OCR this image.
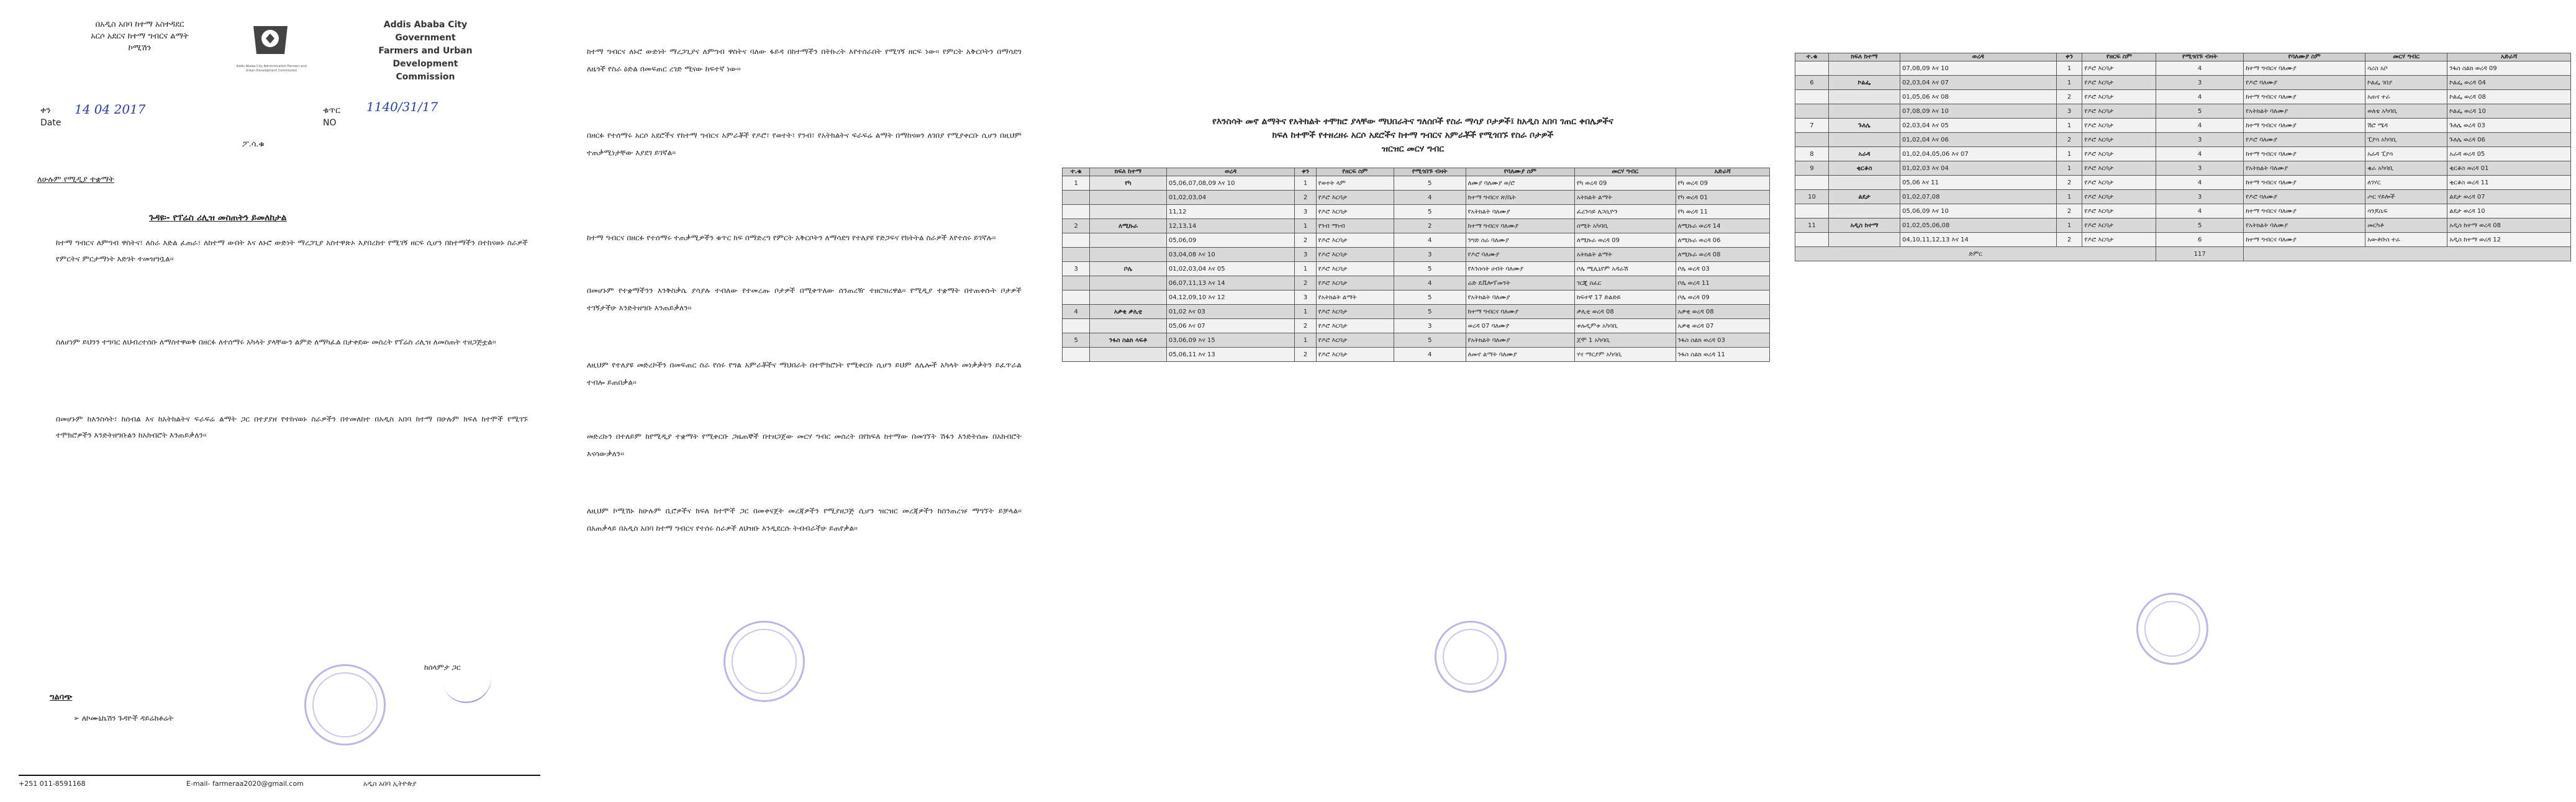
በአዲስ አበባ ከተማ አስተዳደር
አርሶ አደርና ከተማ ግብርና ልማት
ኮሚሽን
Addis Ababa City Administration Farmers and Urban Development Commission
Addis Ababa City Government
Farmers and Urban Development
Commission
ቀን
Date
14 04 2017	ቁጥር
NO
1140/31/17
ፖ.ሳ.ቁ
ለሁሉም የሚዲያ ተቋማት
ጉዳዩ፡- የፕሬስ ሪሊዝ መስጠትን ይመለከታል
ከተማ ግብርና ለምግብ ዋስትና፣ ለስራ እድል ፈጠራ፣ ለከተማ ውበት እና ለኑሮ ውድነት ማረጋጊያ አስተዋጽኦ እያበረከተ የሚገኝ ዘርፍ ሲሆን በከተማችን በተከናወኑ ስራዎች የምርትና ምርታማነት እድገት ተመዝግቧል፡፡
ስለሆነም ይህንን ተግባር ለህብረተሰቡ ለማስተዋወቅ በዘርፉ ለተሰማሩ አካላት ያላቸውን ልምድ ለማካፈል በታቀደው መሰረት የፕሬስ ሪሊዝ ለመስጠት ተዘጋጅቷል፡፡
በመሆኑም ከእንስሳት፣ ከሰብል እና ከአትክልትና ፍራፍሬ ልማት ጋር በተያያዘ የተከናወኑ ስራዎችን በተመለከተ በአዲስ አበባ ከተማ በሁሉም ክፍለ ከተሞች የሚገኙ ተሞክሮዎችን እንድትዘግቡልን ከአክብሮት እንጠይቃለን፡፡
ከሰላምታ ጋር
ግልባጭ
➢ ለኮሙኒኬሽን ጉዳዮች ዳይሬክቶሬት
+251 011-8591168	E-mail- farmeraa2020@gmail.com	አዲስ አበባ ኢትዮጵያ
ከተማ ግብርና ለኑሮ ውድነት ማረጋጊያና ለምግብ ዋስትና ባለው ፋይዳ በከተማችን በትኩረት እየተሰራበት የሚገኝ ዘርፍ ነው፡፡ የምርት አቅርቦትን በማሳደግ ለዜጎች የስራ ዕድል በመፍጠር ረገድ ሚናው ከፍተኛ ነው፡፡
በዘርፉ የተሰማሩ አርሶ አደሮችና የከተማ ግብርና አምራቾች የዶሮ፣ የወተት፣ የንብ፣ የአትክልትና ፍራፍሬ ልማት በማከናወን ለገበያ የሚያቀርቡ ሲሆን በዚህም ተጠቃሚነታቸው እያደገ ይገኛል፡፡
ከተማ ግብርና በዘርፉ የተሰማሩ ተጠቃሚዎችን ቁጥር ከፍ በማድረግ የምርት አቅርቦትን ለማሳደግ የተለያዩ የድጋፍና የክትትል ስራዎች እየተሰሩ ይገኛሉ፡፡
በመሆኑም የተቋማችንን እንቅስቃሴ ያሳያሉ ተብለው የተመረጡ ቦታዎች በሚቀጥለው ሰንጠረዥ ተዘርዝረዋል፡፡ የሚዲያ ተቋማት በተጠቀሱት ቦታዎች ተገኝታችሁ እንድትዘግቡ እንጠይቃለን፡፡
ለዚህም የተለያዩ መድረኮችን በመፍጠር ስራ የሰሩ የግል አምራቾችና ማህበራት በተሞክሮነት የሚቀርቡ ሲሆን ይህም ለሌሎች አካላት መነቃቃትን ይፈጥራል ተብሎ ይጠበቃል፡፡
መድረኩን በተለይም ከየሚዲያ ተቋማት የሚቀርቡ ጋዜጠኞች በተዘጋጀው መርሃ ግብር መሰረት በየክፍለ ከተማው በመገኘት ሽፋን እንድትሰጡ በአክብሮት እናሳውቃለን፡፡
ለዚህም ኮሚሽኑ ከሁሉም ቢሮዎችና ክፍለ ከተሞች ጋር በመቀናጀት መረጃዎችን የሚያዘጋጅ ሲሆን ዝርዝር መረጃዎችን ከሰንጠረዡ ማግኘት ይቻላል፡፡ በአጠቃላይ በአዲስ አበባ ከተማ ግብርና የተሰሩ ስራዎች ለህዝቡ እንዲደርሱ ትብብራችሁ ይጠየቃል፡፡
የእንስሳት መኖ ልማትና የአትክልት ተሞክሮ ያላቸው ማህበራትና ግለሰቦች የስራ ማሳያ ቦታዎች፤ ከአዲስ አበባ ገጠር ቀበሌዎችና
ክፍለ ከተሞች የተዘረዘሩ አርሶ አደሮችና ከተማ ግብርና አምራቾች የሚጎበኙ የስራ ቦታዎች
ዝርዝር መርሃ ግብር
ተ.ቁ	ክፍለ ከተማ	ወረዳ	ቀን	የዘርፍ ስም	የሚጎበኙ ብዛት	የባለሙያ ስም	መርሃ ግብር	አድራሻ
1	የካ	05,06,07,08,09 እና 10	1	የወተት ላም	5	ለሙያ ባለሙያ ወ/ሮ	የካ ወረዳ 09	የካ ወረዳ 09
		01,02,03,04	2	የዶሮ እርባታ	4	ከተማ ግብርና ጽ/ቤት	አትክልት ልማት	የካ ወረዳ 01
		11,12	3	የዶሮ እርባታ	5	የአትክልት ባለሙያ	ፈረንሳይ ለጋሲዮን	የካ ወረዳ 11
2	ለሚኩራ	12,13,14	1	የንብ ማነብ	2	ከተማ ግብርና ባለሙያ	ሰሚት አካባቢ	ለሚኩራ ወረዳ 14
		05,06,09	2	የዶሮ እርባታ	4	ንግድ ስራ ባለሙያ	ለሚኩራ ወረዳ 09	ለሚኩራ ወረዳ 06
		03,04,08 እና 10	3	የዶሮ እርባታ	3	የዶሮ ባለሙያ	አትክልት ልማት	ለሚኩራ ወረዳ 08
3	ቦሌ	01,02,03,04 እና 05	1	የዶሮ እርባታ	5	የእንስሳት ሀብት ባለሙያ	ቦሌ ሚሊኒየም አዳራሽ	ቦሌ ወረዳ 03
		06,07,11,13 እና 14	2	የዶሮ እርባታ	4	ሬድ ዴቬሎፕመንት	ገርጂ ሰፈር	ቦሌ ወረዳ 11
		04,12,09,10 እና 12	3	የአትክልት ልማት	5	የአትክልት ባለሙያ	ከፍተኛ 17 ድልድይ	ቦሌ ወረዳ 09
4	አቃቂ ቃሊቲ	01,02 እና 03	1	የዶሮ እርባታ	5	ከተማ ግብርና ባለሙያ	ቃሊቲ ወረዳ 08	አቃቂ ወረዳ 08
		05,06 እና 07	2	የዶሮ እርባታ	3	ወረዳ 07 ባለሙያ	ቱሉዲምቱ አካባቢ	አቃቂ ወረዳ 07
5	ንፋስ ስልክ ላፍቶ	03,06,09 እና 15	1	የዶሮ እርባታ	5	የአትክልት ባለሙያ	ጀሞ 1 አካባቢ	ንፋስ ስልክ ወረዳ 03
		05,06,11 እና 13	2	የዶሮ እርባታ	4	ለመኖ ልማት ባለሙያ	ሃና ማርያም አካባቢ	ንፋስ ስልክ ወረዳ 11
ተ.ቁ	ክፍለ ከተማ	ወረዳ	ቀን	የዘርፍ ስም	የሚጎበኙ ብዛት	የባለሙያ ስም	መርሃ ግብር	አድራሻ
		07,08,09 እና 10	1	የዶሮ እርባታ	4	ከተማ ግብርና ባለሙያ	ሳሪስ አቦ	ንፋስ ስልክ ወረዳ 09
6	ኮልፌ	02,03,04 እና 07	1	የዶሮ እርባታ	3	የዶሮ ባለሙያ	ኮልፌ ገበያ	ኮልፌ ወረዳ 04
		01,05,06 እና 08	2	የዶሮ እርባታ	4	ከተማ ግብርና ባለሙያ	አጠና ተራ	ኮልፌ ወረዳ 08
		07,08,09 እና 10	3	የዶሮ እርባታ	5	የአትክልት ባለሙያ	ወለቴ አካባቢ	ኮልፌ ወረዳ 10
7	ጉለሌ	02,03,04 እና 05	1	የዶሮ እርባታ	4	ከተማ ግብርና ባለሙያ	ሽሮ ሜዳ	ጉለሌ ወረዳ 03
		01,02,04 እና 06	2	የዶሮ እርባታ	3	የዶሮ ባለሙያ	ፒያሳ አካባቢ	ጉለሌ ወረዳ 06
8	አራዳ	01,02,04,05,06 እና 07	1	የዶሮ እርባታ	4	ከተማ ግብርና ባለሙያ	አራዳ ፒያሳ	አራዳ ወረዳ 05
9	ቂርቆስ	01,02,03 እና 04	1	የዶሮ እርባታ	3	የአትክልት ባለሙያ	ቄራ አካባቢ	ቂርቆስ ወረዳ 01
		05,06 እና 11	2	የዶሮ እርባታ	4	ከተማ ግብርና ባለሙያ	ለገሃር	ቂርቆስ ወረዳ 11
10	ልደታ	01,02,07,08	1	የዶሮ እርባታ	3	የዶሮ ባለሙያ	ጦር ሃይሎች	ልደታ ወረዳ 07
		05,06,09 እና 10	2	የዶሮ እርባታ	4	ከተማ ግብርና ባለሙያ	ሳንጆሴፍ	ልደታ ወረዳ 10
11	አዲስ ከተማ	01,02,05,06,08	1	የዶሮ እርባታ	5	የአትክልት ባለሙያ	መርካቶ	አዲስ ከተማ ወረዳ 08
		04,10,11,12,13 እና 14	2	የዶሮ እርባታ	6	ከተማ ግብርና ባለሙያ	አውቶቡስ ተራ	አዲስ ከተማ ወረዳ 12
ድምር					117			
